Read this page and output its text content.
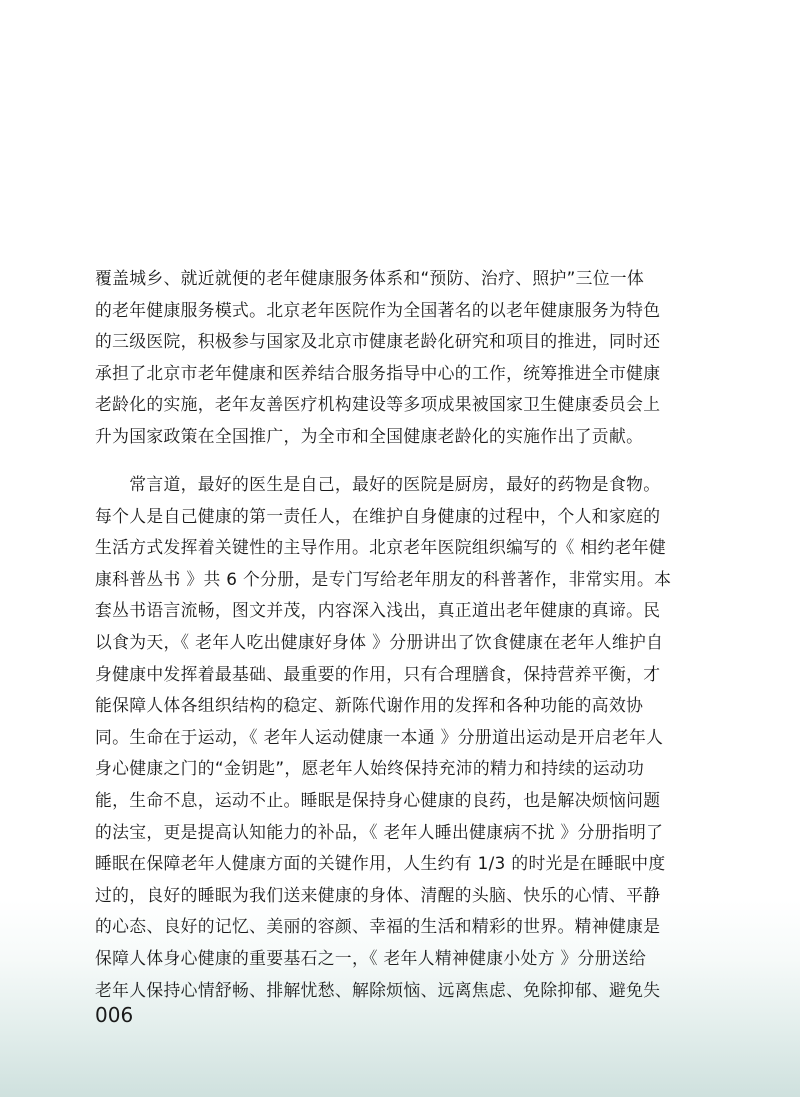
覆盖城乡、就近就便的老年健康服务体系和“预防、治疗、照护”三位一体
的老年健康服务模式。北京老年医院作为全国著名的以老年健康服务为特色
的三级医院，积极参与国家及北京市健康老龄化研究和项目的推进，同时还
承担了北京市老年健康和医养结合服务指导中心的工作，统筹推进全市健康
老龄化的实施，老年友善医疗机构建设等多项成果被国家卫生健康委员会上
升为国家政策在全国推广，为全市和全国健康老龄化的实施作出了贡献。
　　常言道，最好的医生是自己，最好的医院是厨房，最好的药物是食物。
每个人是自己健康的第一责任人，在维护自身健康的过程中，个人和家庭的
生活方式发挥着关键性的主导作用。北京老年医院组织编写的《 相约老年健
康科普丛书 》共 6 个分册，是专门写给老年朋友的科普著作，非常实用。本
套丛书语言流畅，图文并茂，内容深入浅出，真正道出老年健康的真谛。民
以食为天，《 老年人吃出健康好身体 》分册讲出了饮食健康在老年人维护自
身健康中发挥着最基础、最重要的作用，只有合理膳食，保持营养平衡，才
能保障人体各组织结构的稳定、新陈代谢作用的发挥和各种功能的高效协
同。生命在于运动，《 老年人运动健康一本通 》分册道出运动是开启老年人
身心健康之门的“金钥匙”，愿老年人始终保持充沛的精力和持续的运动功
能，生命不息，运动不止。睡眠是保持身心健康的良药，也是解决烦恼问题
的法宝，更是提高认知能力的补品，《 老年人睡出健康病不扰 》分册指明了
睡眠在保障老年人健康方面的关键作用，人生约有 1/3 的时光是在睡眠中度
过的，良好的睡眠为我们送来健康的身体、清醒的头脑、快乐的心情、平静
的心态、良好的记忆、美丽的容颜、幸福的生活和精彩的世界。精神健康是
保障人体身心健康的重要基石之一，《 老年人精神健康小处方 》分册送给
老年人保持心情舒畅、排解忧愁、解除烦恼、远离焦虑、免除抑郁、避免失
006
